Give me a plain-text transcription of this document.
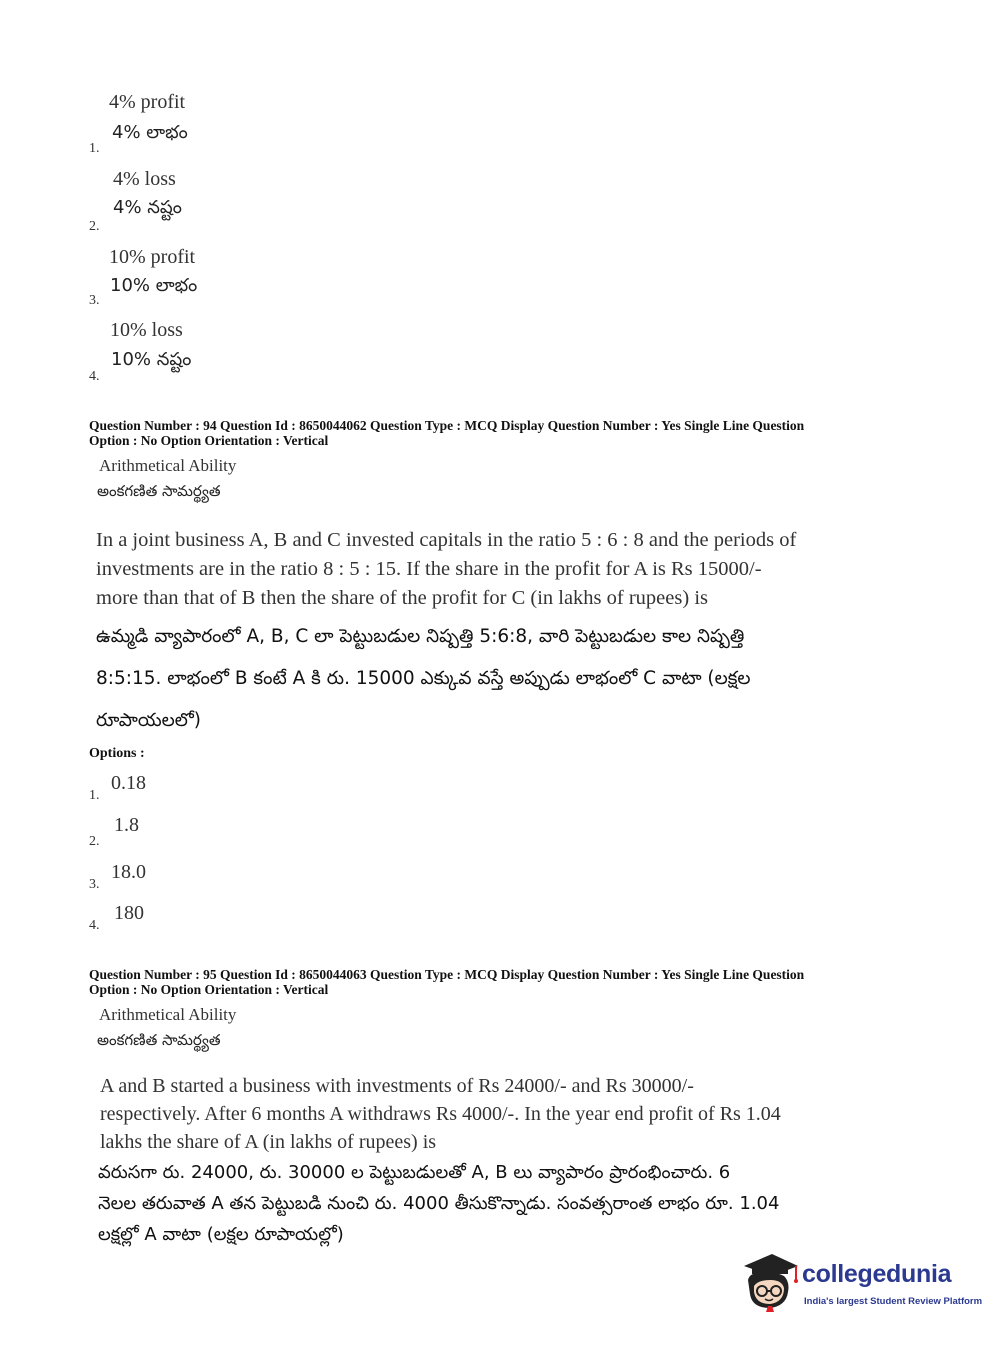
4% profit
4% లాభం
1.
4% loss
4% నష్టం
2.
10% profit
10% లాభం
3.
10% loss
10% నష్టం
4.
Question Number : 94 Question Id : 8650044062 Question Type : MCQ Display Question Number : Yes Single Line Question
Option : No Option Orientation : Vertical
Arithmetical Ability
అంకగణిత సామర్థ్యత
In a joint business A, B and C invested capitals in the ratio 5 : 6 : 8 and the periods of
investments are in the ratio 8 : 5 : 15. If the share in the profit for A is Rs 15000/-
more than that of B then the share of the profit for C (in lakhs of rupees) is
ఉమ్మడి వ్యాపారంలో A, B, C లా పెట్టుబడుల నిష్పత్తి 5:6:8, వారి పెట్టుబడుల కాల నిష్పత్తి
8:5:15. లాభంలో B కంటే A కి రు. 15000 ఎక్కువ వస్తే అప్పుడు లాభంలో C వాటా (లక్షల
రూపాయలలో)
Options :
0.18
1.
1.8
2.
18.0
3.
180
4.
Question Number : 95 Question Id : 8650044063 Question Type : MCQ Display Question Number : Yes Single Line Question
Option : No Option Orientation : Vertical
Arithmetical Ability
అంకగణిత సామర్థ్యత
A and B started a business with investments of Rs 24000/- and Rs 30000/-
respectively. After 6 months A withdraws Rs 4000/-. In the year end profit of Rs 1.04
lakhs the share of A (in lakhs of rupees) is
వరుసగా రు. 24000, రు. 30000 ల పెట్టుబడులతో A, B లు వ్యాపారం ప్రారంభించారు. 6
నెలల తరువాత A తన పెట్టుబడి నుంచి రు. 4000 తీసుకొన్నాడు. సంవత్సరాంత లాభం రూ. 1.04
లక్షల్లో A వాటా (లక్షల రూపాయల్లో)
collegedunia
India's largest Student Review Platform
